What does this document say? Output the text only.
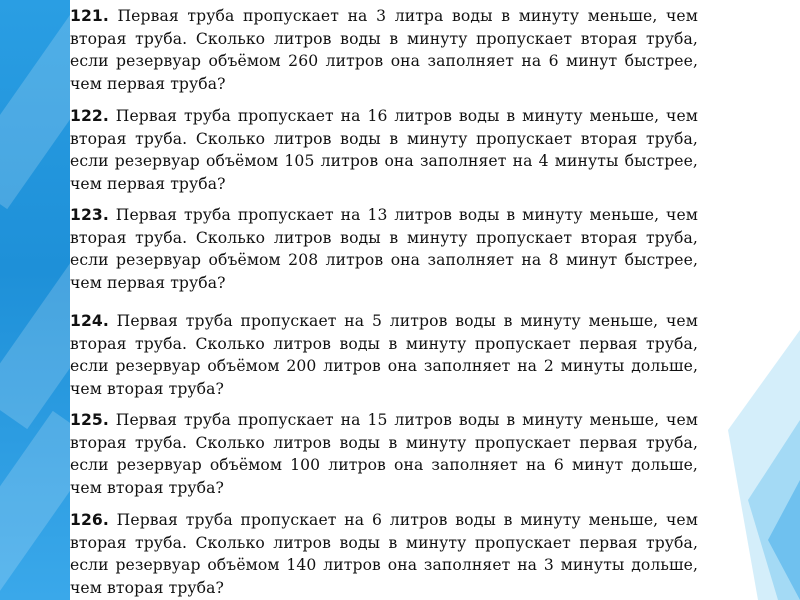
121. Первая труба пропускает на 3 литра воды в минуту меньше, чем вторая труба. Сколько литров воды в минуту пропускает вторая труба, если резервуар объёмом 260 литров она заполняет на 6 минут быстрее, чем первая труба?
122. Первая труба пропускает на 16 литров воды в минуту меньше, чем вторая труба. Сколько литров воды в минуту пропускает вторая труба, если резервуар объёмом 105 литров она заполняет на 4 минуты быстрее, чем первая труба?
123. Первая труба пропускает на 13 литров воды в минуту меньше, чем вторая труба. Сколько литров воды в минуту пропускает вторая труба, если резервуар объёмом 208 литров она заполняет на 8 минут быстрее, чем первая труба?
124. Первая труба пропускает на 5 литров воды в минуту меньше, чем вторая труба. Сколько литров воды в минуту пропускает первая труба, если резервуар объёмом 200 литров она заполняет на 2 минуты дольше, чем вторая труба?
125. Первая труба пропускает на 15 литров воды в минуту меньше, чем вторая труба. Сколько литров воды в минуту пропускает первая труба, если резервуар объёмом 100 литров она заполняет на 6 минут дольше, чем вторая труба?
126. Первая труба пропускает на 6 литров воды в минуту меньше, чем вторая труба. Сколько литров воды в минуту пропускает первая труба, если резервуар объёмом 140 литров она заполняет на 3 минуты дольше, чем вторая труба?
